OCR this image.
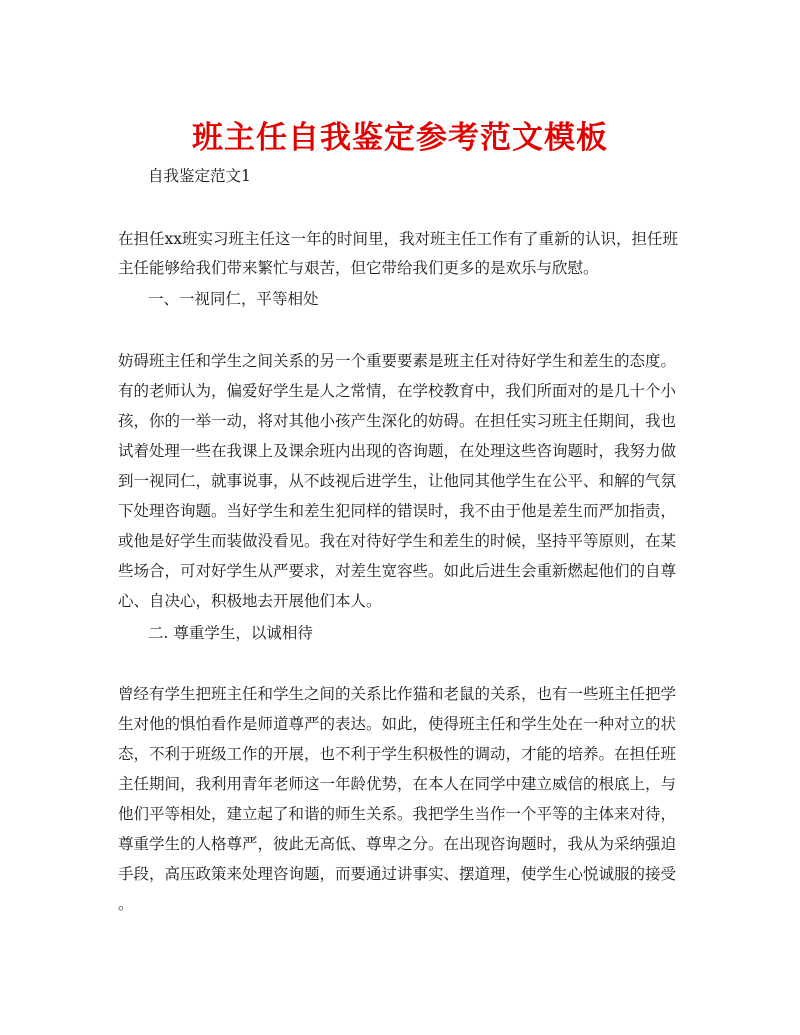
班主任自我鉴定参考范文模板

自我鉴定范文1

在担任xx班实习班主任这一年的时间里，我对班主任工作有了重新的认识，担任班

主任能够给我们带来繁忙与艰苦，但它带给我们更多的是欢乐与欣慰。

一、一视同仁，平等相处

妨碍班主任和学生之间关系的另一个重要要素是班主任对待好学生和差生的态度。

有的老师认为，偏爱好学生是人之常情，在学校教育中，我们所面对的是几十个小

孩，你的一举一动，将对其他小孩产生深化的妨碍。在担任实习班主任期间，我也

试着处理一些在我课上及课余班内出现的咨询题，在处理这些咨询题时，我努力做

到一视同仁，就事说事，从不歧视后进学生，让他同其他学生在公平、和解的气氛

下处理咨询题。当好学生和差生犯同样的错误时，我不由于他是差生而严加指责，

或他是好学生而装做没看见。我在对待好学生和差生的时候，坚持平等原则，在某

些场合，可对好学生从严要求，对差生宽容些。如此后进生会重新燃起他们的自尊

心、自决心，积极地去开展他们本人。

二. 尊重学生，以诚相待

曾经有学生把班主任和学生之间的关系比作猫和老鼠的关系，也有一些班主任把学

生对他的惧怕看作是师道尊严的表达。如此，使得班主任和学生处在一种对立的状

态，不利于班级工作的开展，也不利于学生积极性的调动，才能的培养。在担任班

主任期间，我利用青年老师这一年龄优势，在本人在同学中建立威信的根底上，与

他们平等相处，建立起了和谐的师生关系。我把学生当作一个平等的主体来对待，

尊重学生的人格尊严，彼此无高低、尊卑之分。在出现咨询题时，我从为采纳强迫

手段，高压政策来处理咨询题，而要通过讲事实、摆道理，使学生心悦诚服的接受

。
